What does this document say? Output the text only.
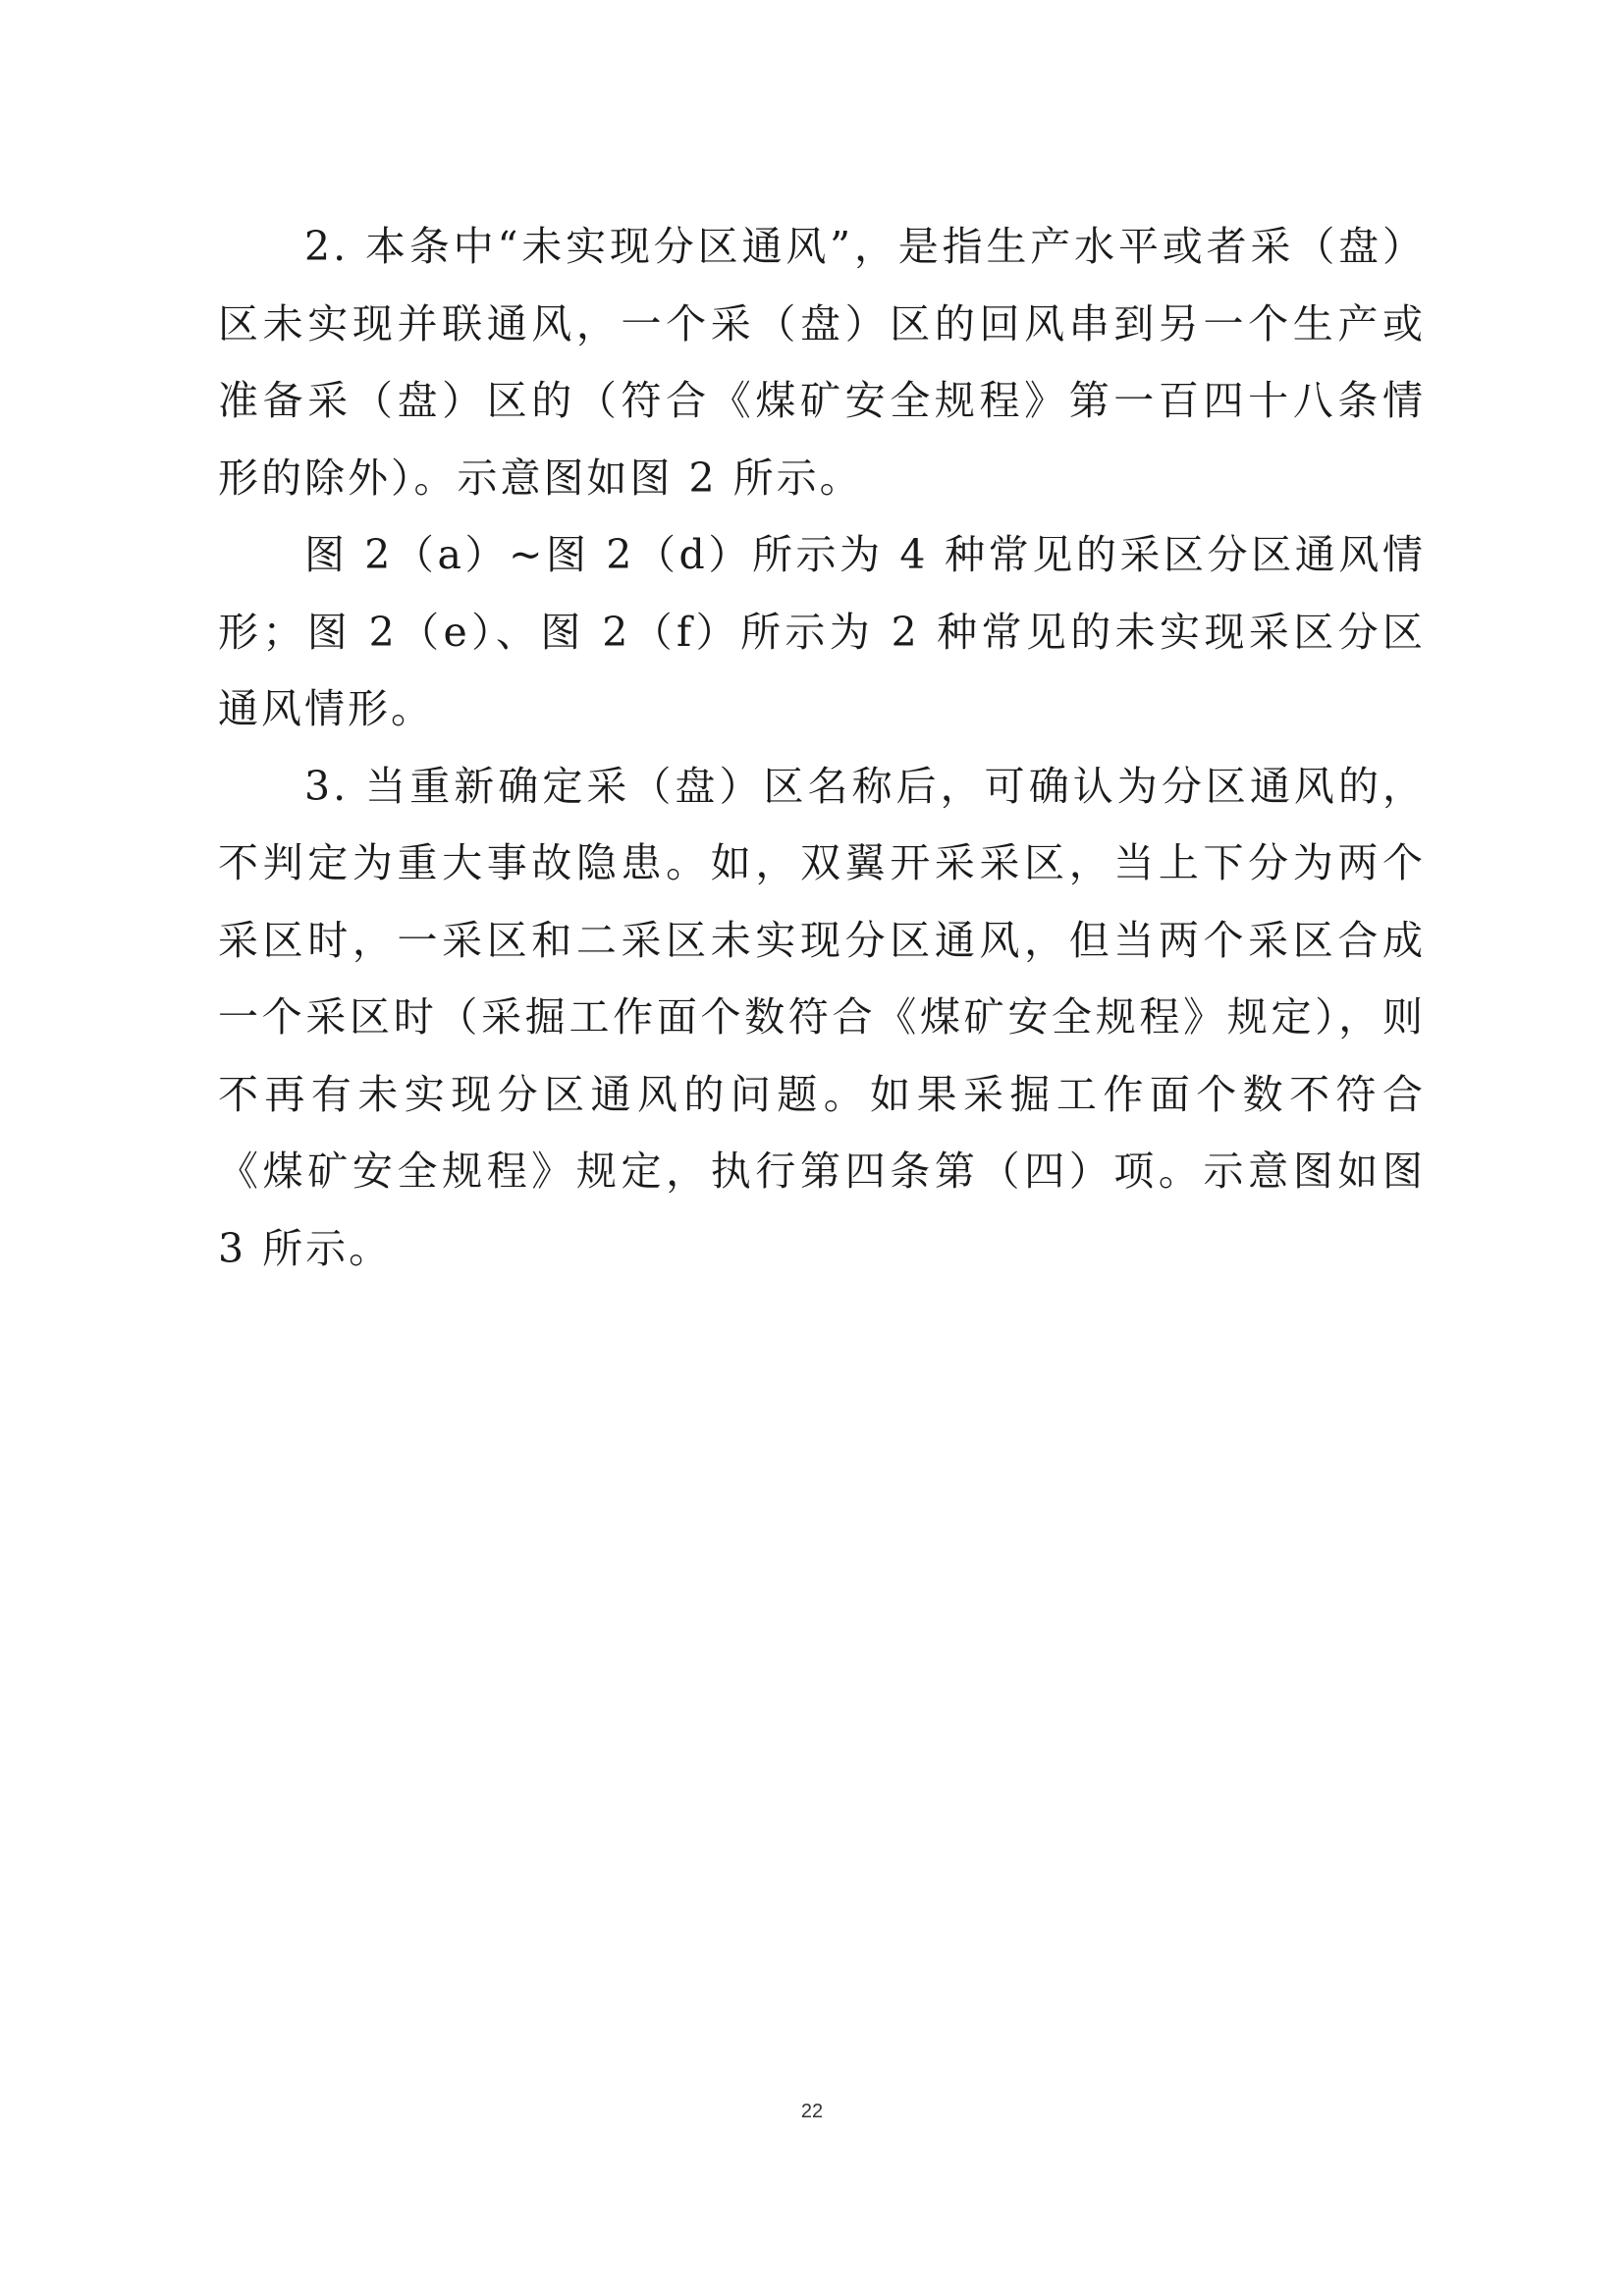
2. 本条中“未实现分区通风”，是指生产水平或者采（盘）区未实现并联通风，一个采（盘）区的回风串到另一个生产或准备采（盘）区的（符合《煤矿安全规程》第一百四十八条情形的除外）。示意图如图 2 所示。

图 2（a）~图 2（d）所示为 4 种常见的采区分区通风情形；图 2（e）、图 2（f）所示为 2 种常见的未实现采区分区通风情形。

3. 当重新确定采（盘）区名称后，可确认为分区通风的，不判定为重大事故隐患。如，双翼开采采区，当上下分为两个采区时，一采区和二采区未实现分区通风，但当两个采区合成一个采区时（采掘工作面个数符合《煤矿安全规程》规定），则不再有未实现分区通风的问题。如果采掘工作面个数不符合《煤矿安全规程》规定，执行第四条第（四）项。示意图如图 3 所示。

22
